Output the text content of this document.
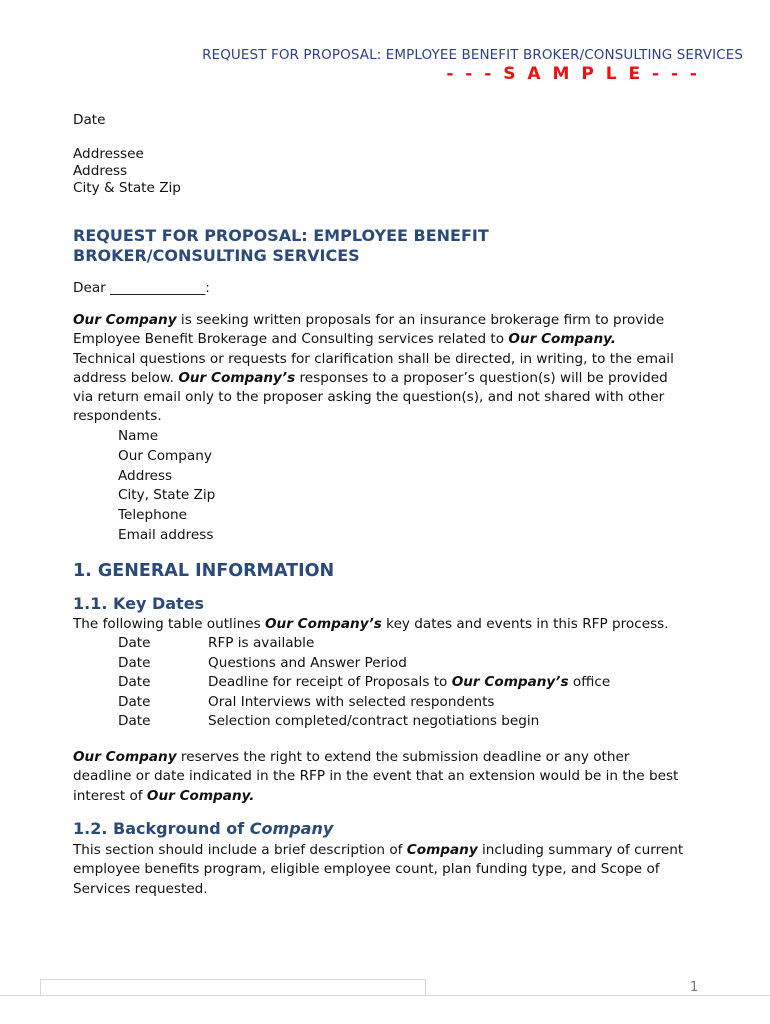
REQUEST FOR PROPOSAL: EMPLOYEE BENEFIT BROKER/CONSULTING SERVICES
- - - S A M P L E - - -
Date
Addressee
Address
City & State Zip
REQUEST FOR PROPOSAL: EMPLOYEE BENEFIT
BROKER/CONSULTING SERVICES
Dear ______________:
Our Company is seeking written proposals for an insurance brokerage firm to provide
Employee Benefit Brokerage and Consulting services related to Our Company.
Technical questions or requests for clarification shall be directed, in writing, to the email
address below. Our Company’s responses to a proposer’s question(s) will be provided
via return email only to the proposer asking the question(s), and not shared with other
respondents.
Name
Our Company
Address
City, State Zip
Telephone
Email address
1. GENERAL INFORMATION
1.1. Key Dates
The following table outlines Our Company’s key dates and events in this RFP process.
Date	RFP is available
Date	Questions and Answer Period
Date	Deadline for receipt of Proposals to Our Company’s office
Date	Oral Interviews with selected respondents
Date	Selection completed/contract negotiations begin
Our Company reserves the right to extend the submission deadline or any other
deadline or date indicated in the RFP in the event that an extension would be in the best
interest of Our Company.
1.2. Background of Company
This section should include a brief description of Company including summary of current
employee benefits program, eligible employee count, plan funding type, and Scope of
Services requested.
1
